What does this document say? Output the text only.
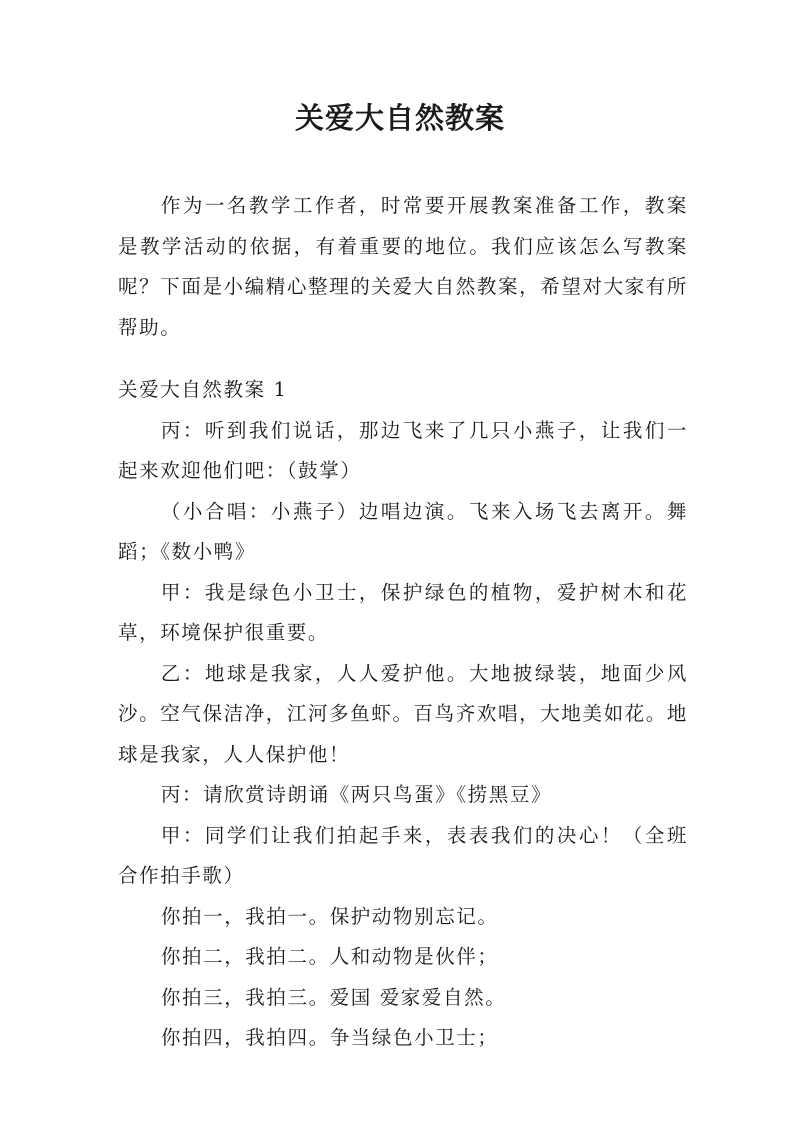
关爱大自然教案

作为一名教学工作者，时常要开展教案准备工作，教案是教学活动的依据，有着重要的地位。我们应该怎么写教案呢？下面是小编精心整理的关爱大自然教案，希望对大家有所帮助。

关爱大自然教案 1

丙：听到我们说话，那边飞来了几只小燕子，让我们一起来欢迎他们吧：（鼓掌）

（小合唱：小燕子）边唱边演。飞来入场飞去离开。舞蹈；《数小鸭》

甲：我是绿色小卫士，保护绿色的植物，爱护树木和花草，环境保护很重要。

乙：地球是我家，人人爱护他。大地披绿装，地面少风沙。空气保洁净，江河多鱼虾。百鸟齐欢唱，大地美如花。地球是我家，人人保护他！

丙：请欣赏诗朗诵《两只鸟蛋》《捞黑豆》

甲：同学们让我们拍起手来，表表我们的决心！（全班合作拍手歌）

你拍一，我拍一。保护动物别忘记。

你拍二，我拍二。人和动物是伙伴；

你拍三，我拍三。爱国 爱家爱自然。

你拍四，我拍四。争当绿色小卫士；
